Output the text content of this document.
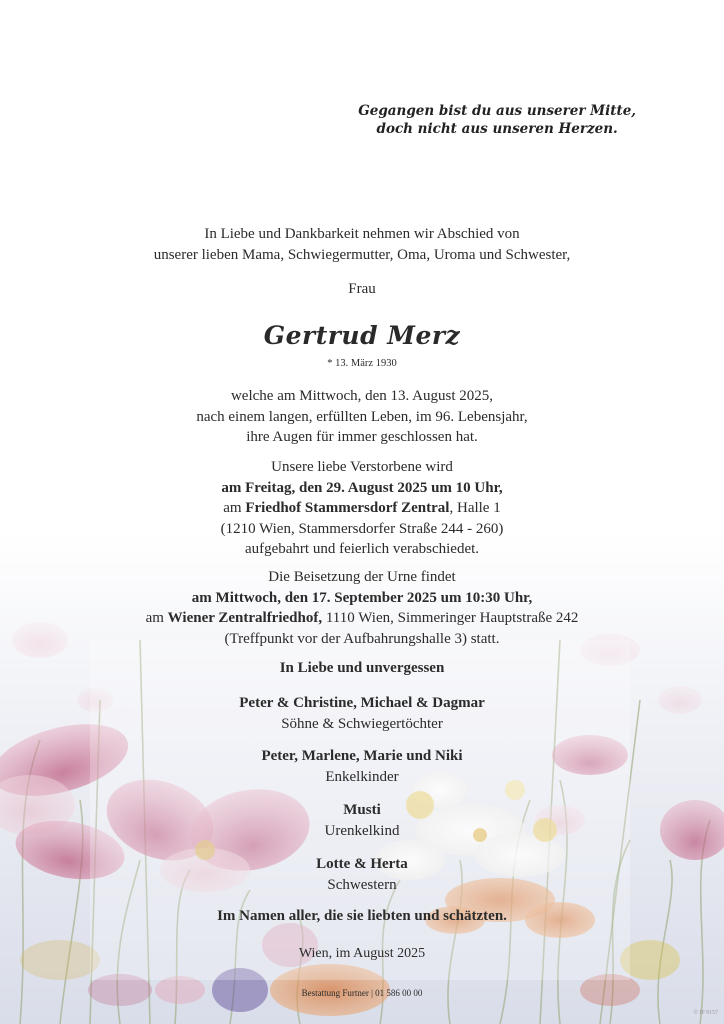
Gegangen bist du aus unserer Mitte,
doch nicht aus unseren Herzen.
In Liebe und Dankbarkeit nehmen wir Abschied von
unserer lieben Mama, Schwiegermutter, Oma, Uroma und Schwester,
Frau
Gertrud Merz
* 13. März 1930
welche am Mittwoch, den 13. August 2025,
nach einem langen, erfüllten Leben, im 96. Lebensjahr,
ihre Augen für immer geschlossen hat.
Unsere liebe Verstorbene wird
am Freitag, den 29. August 2025 um 10 Uhr,
am Friedhof Stammersdorf Zentral, Halle 1
(1210 Wien, Stammersdorfer Straße 244 - 260)
aufgebahrt und feierlich verabschiedet.
Die Beisetzung der Urne findet
am Mittwoch, den 17. September 2025 um 10:30 Uhr,
am Wiener Zentralfriedhof, 1110 Wien, Simmeringer Hauptstraße 242
(Treffpunkt vor der Aufbahrungshalle 3) statt.
In Liebe und unvergessen
Peter & Christine, Michael & Dagmar
Söhne & Schwiegertöchter
Peter, Marlene, Marie und Niki
Enkelkinder
Musti
Urenkelkind
Lotte & Herta
Schwestern
Im Namen aller, die sie liebten und schätzten.
Wien, im August 2025
Bestattung Furtner | 01 586 00 00
© IP 9157
